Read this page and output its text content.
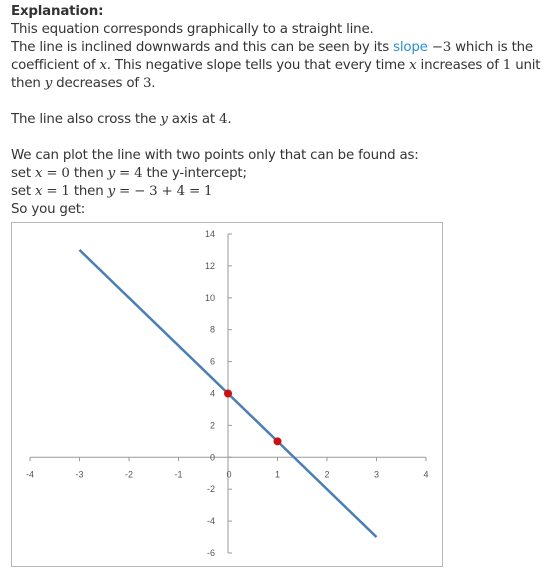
Explanation:
This equation corresponds graphically to a straight line.
The line is inclined downwards and this can be seen by its slope −3 which is the
coefficient of x. This negative slope tells you that every time x increases of 1 unit
then y decreases of 3.
The line also cross the y axis at 4.
We can plot the line with two points only that can be found as:
set x = 0 then y = 4 the y-intercept;
set x = 1 then y = − 3 + 4 = 1
So you get:
-4	-3	-2	-1	0	1	2	3	4
-6
-4
-2
0
2
4
6
8
10
12
14
